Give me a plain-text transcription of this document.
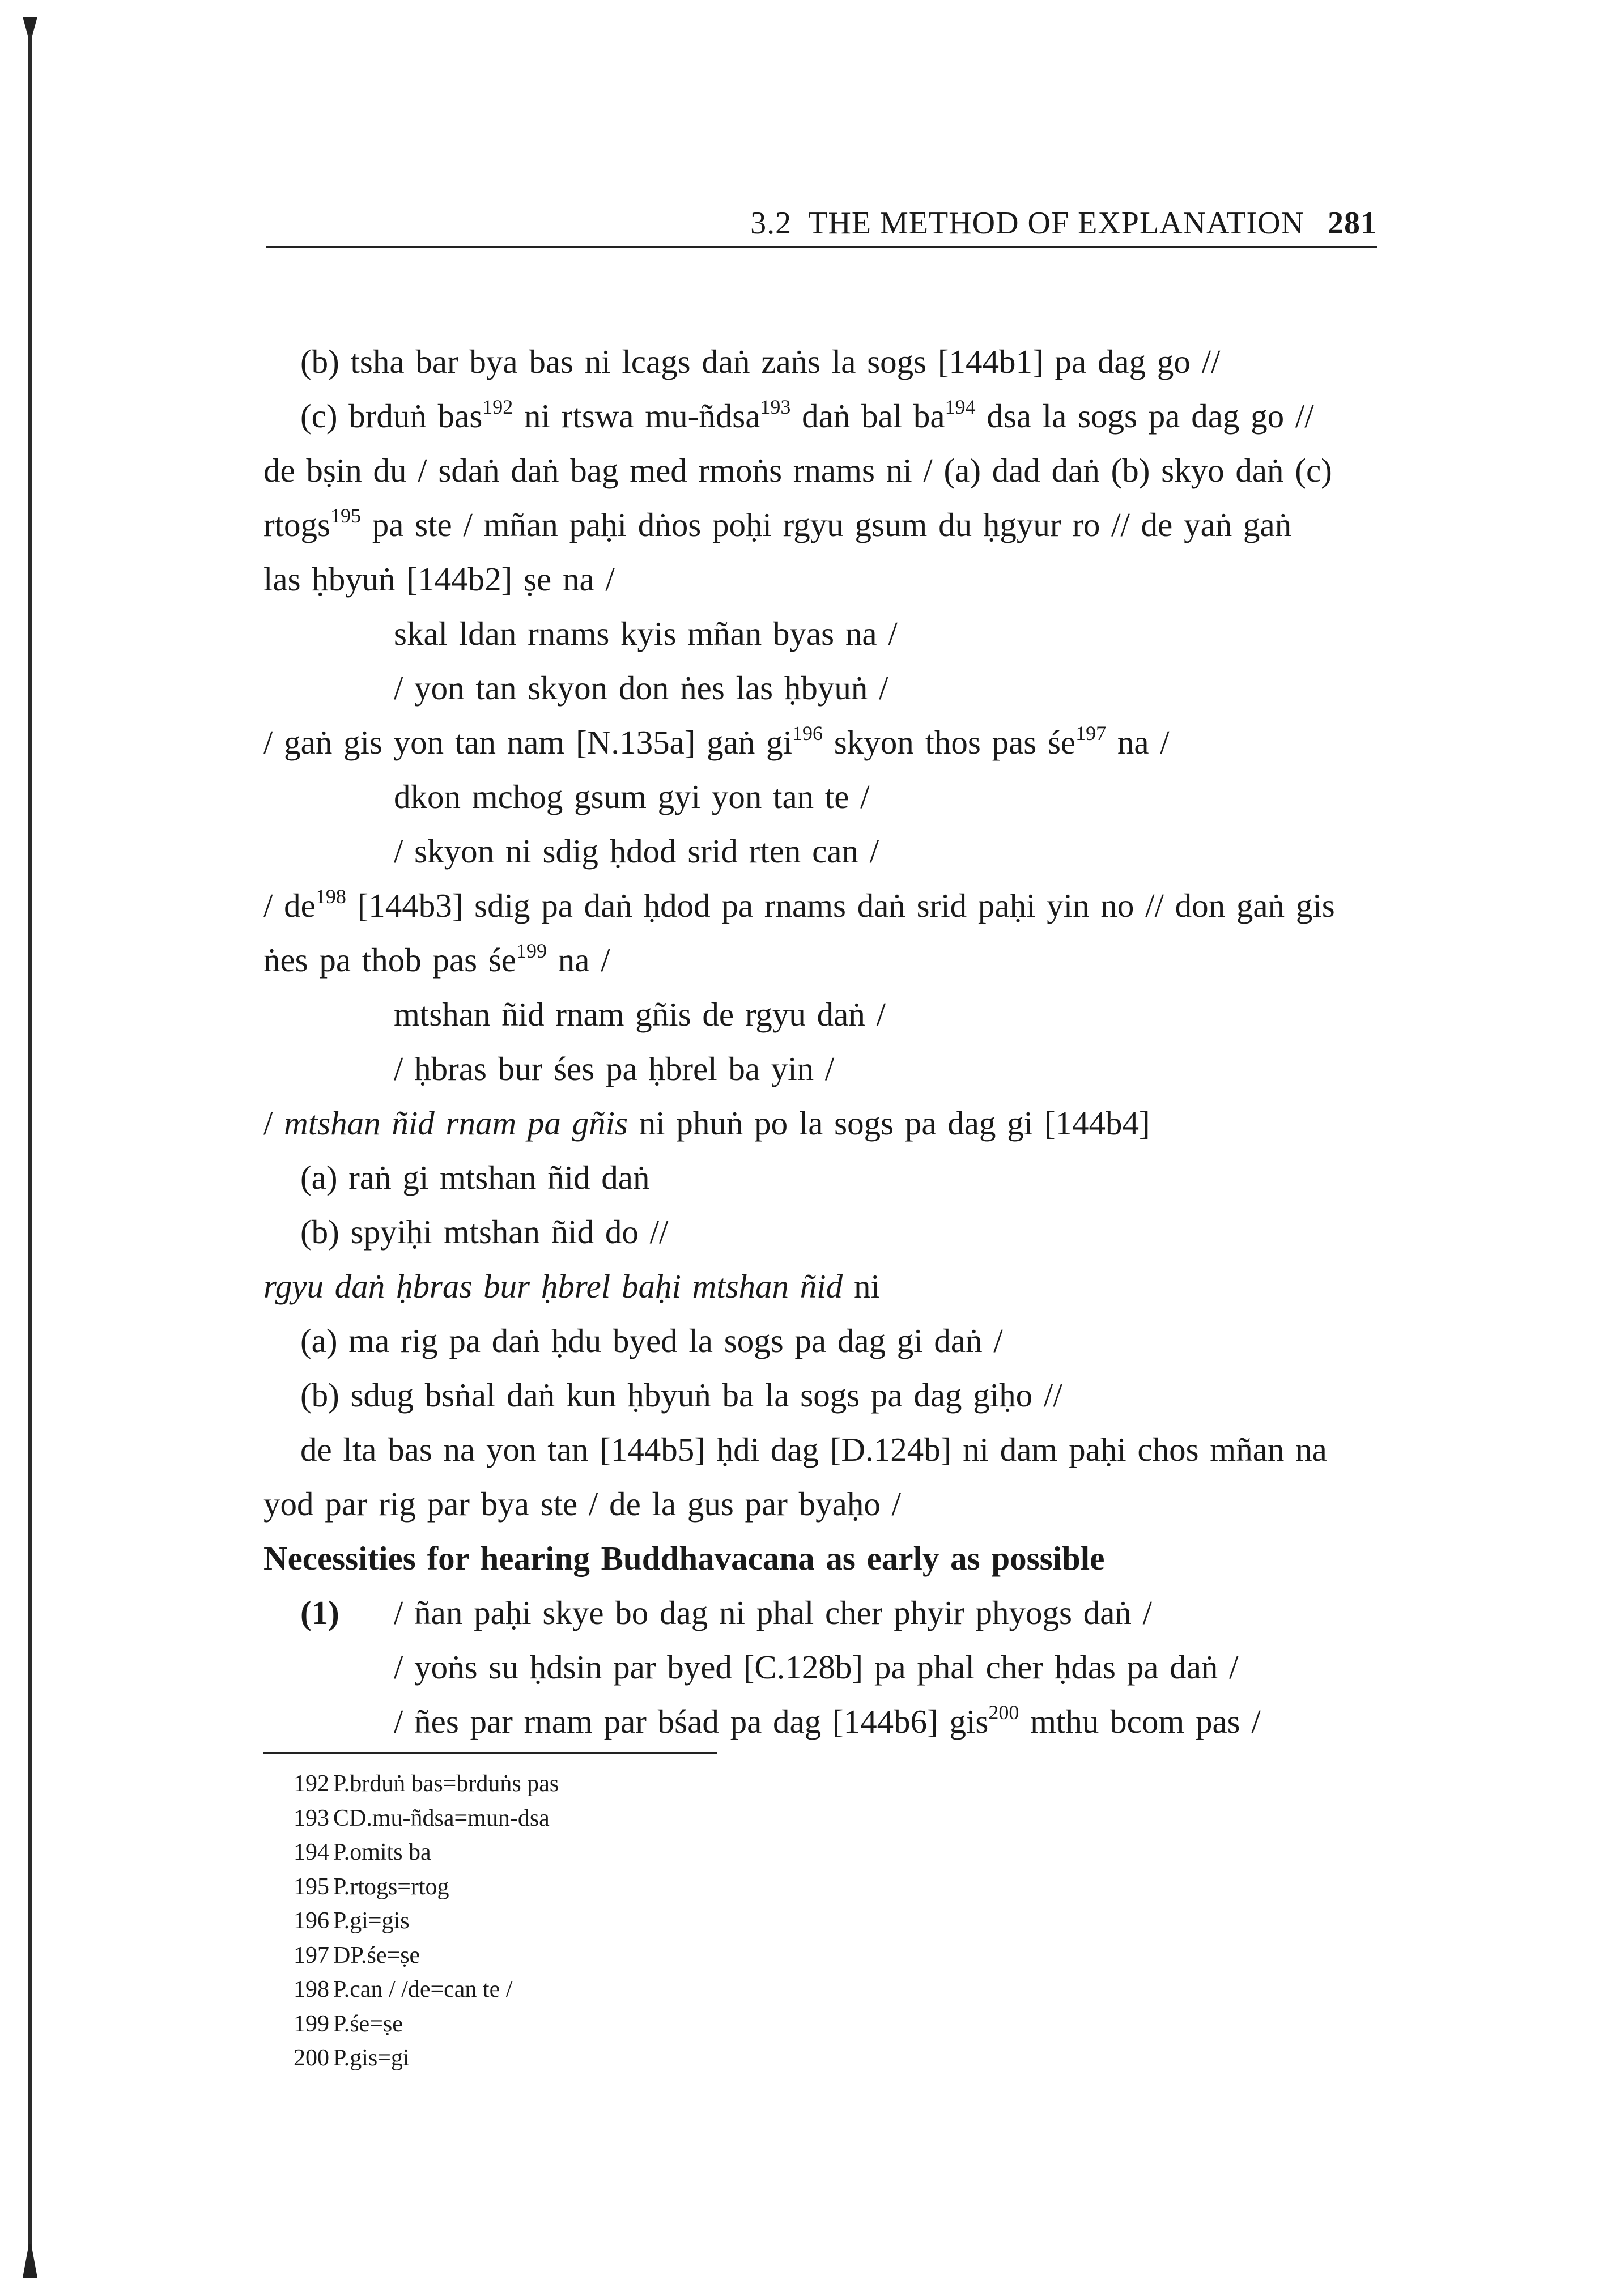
3.2 THE METHOD OF EXPLANATION 281
(b) tsha bar bya bas ni lcags daṅ zaṅs la sogs [144b1] pa dag go //
(c) brduṅ bas$^{192}$ ni rtswa mu-ñdsa$^{193}$ daṅ bal $ba^{194}$ dsa la sogs pa dag go //
de bṣin du / sdaṅ daṅ bag med rmoṅs rnams ni / (a) dad daṅ (b) skyo daṅ (c)
rtogs$^{195}$ pa ste / mñan paḥi dṅos poḥi rgyu gsum du ḥgyur ro // de yaṅ gaṅ
las ḥbyuṅ [144b2] ṣe na /
skal ldan rnams kyis mñan byas na /
/ yon tan skyon don ṅes las ḥbyuṅ /
/ gaṅ gis yon tan nam [N.135a] gaṅ $gi^{196}$ skyon thos pas $śe^{197}$ na /
dkon mchog gsum gyi yon tan te /
/ skyon ni sdig ḥdod srid rten can /
/ $de^{198}$ [144b3] sdig pa daṅ ḥdod pa rnams daṅ srid paḥi yin no // don gaṅ gis
ṅes pa thob pas $śe^{199}$ na /
mtshan ñid rnam gñis de rgyu daṅ /
/ ḥbras bur śes pa ḥbrel ba yin /
/ mtshan ñid rnam pa gñis ni phuṅ po la sogs pa dag gi [144b4]
(a) raṅ gi mtshan ñid daṅ
(b) spyiḥi mtshan ñid do //
rgyu daṅ ḥbras bur ḥbrel baḥi mtshan ñid ni
(a) ma rig pa daṅ ḥdu byed la sogs pa dag gi daṅ /
(b) sdug bsṅal daṅ kun ḥbyuṅ ba la sogs pa dag giḥo //
de lta bas na yon tan [144b5] ḥdi dag [D.124b] ni dam paḥi chos mñan na
yod par rig par bya ste / de la gus par byaḥo /
Necessities for hearing Buddhavacana as early as possible
(1) / ñan paḥi skye bo dag ni phal cher phyir phyogs daṅ /
/ yoṅs su ḥdsin par byed [C.128b] pa phal cher ḥdas pa daṅ /
/ ñes par rnam par bśad pa dag [144b6] gis$^{200}$ mthu bcom pas /
192 P.brduṅ bas=brduṅs pas
193 CD.mu-ñdsa=mun-dsa
194 P.omits ba
195 P.rtogs=rtog
196 P.gi=gis
197 DP.śe=ṣe
198 P.can / /de=can te /
199 P.śe=ṣe
200 P.gis=gi
